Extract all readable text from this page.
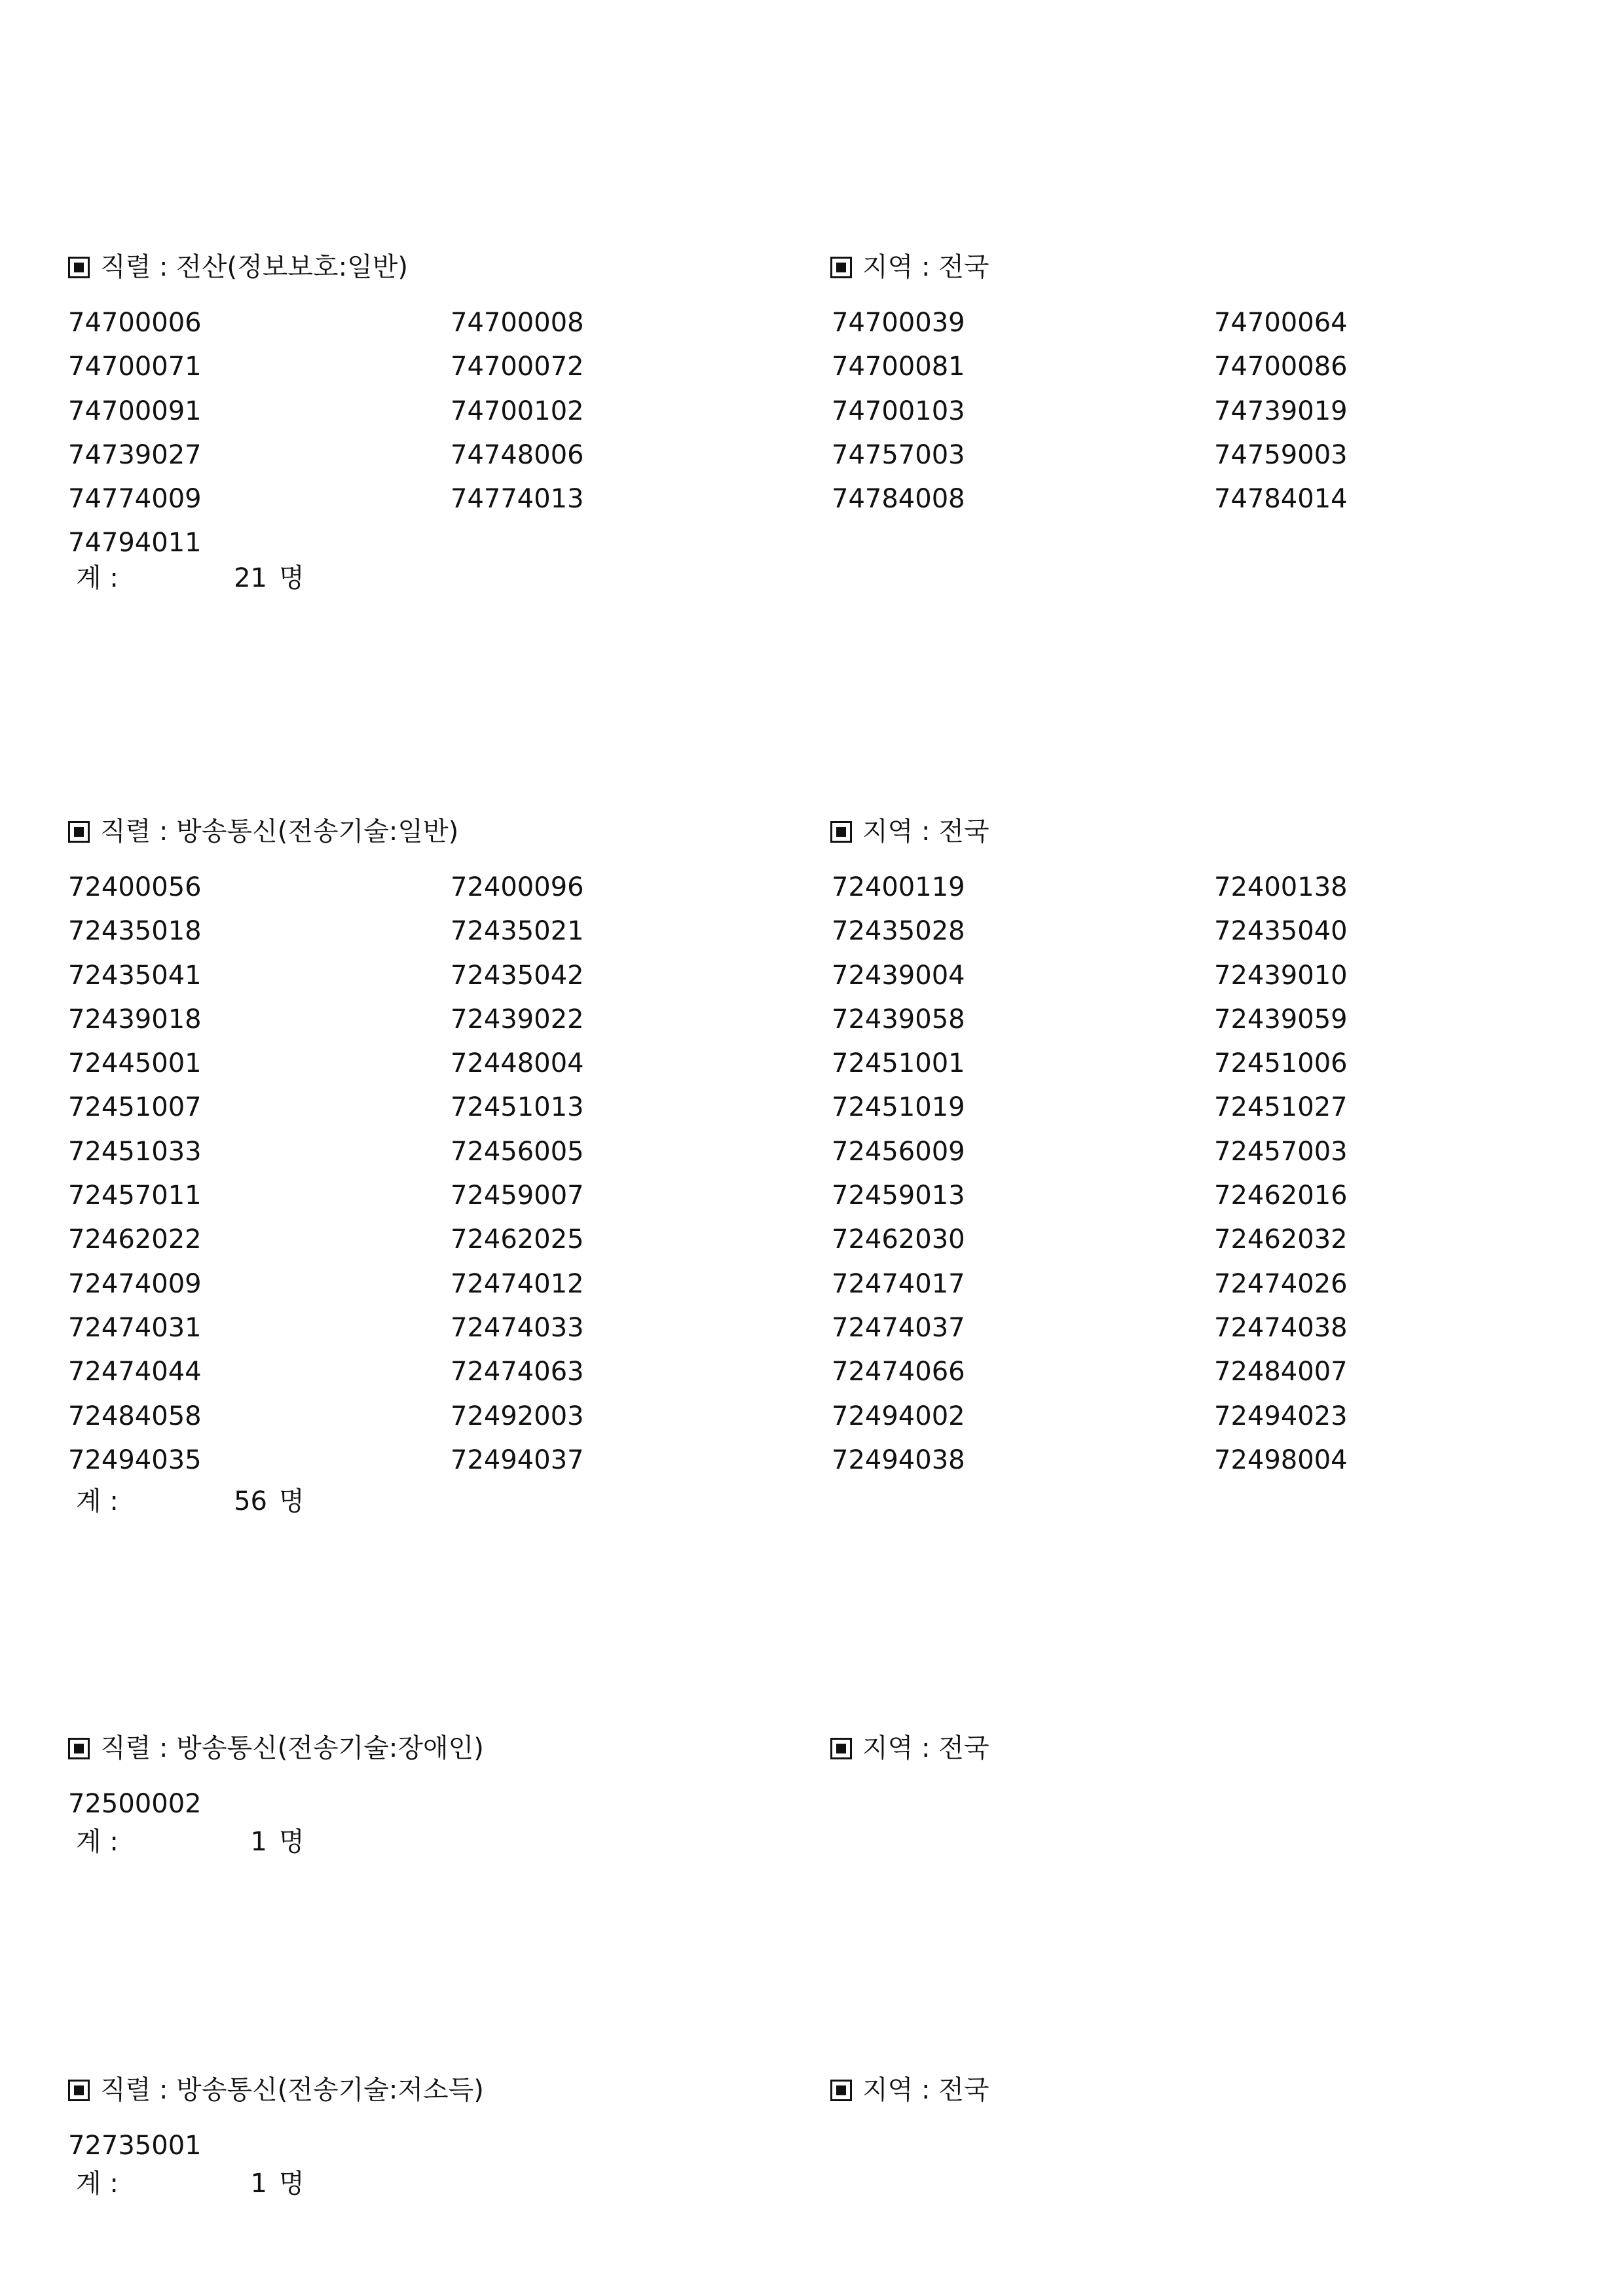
직렬 : 전산(정보보호:일반)	지역 : 전국
74700006	74700008	74700039	74700064
74700071	74700072	74700081	74700086
74700091	74700102	74700103	74739019
74739027	74748006	74757003	74759003
74774009	74774013	74784008	74784014
74794011
계 :	21 명
직렬 : 방송통신(전송기술:일반)	지역 : 전국
72400056	72400096	72400119	72400138
72435018	72435021	72435028	72435040
72435041	72435042	72439004	72439010
72439018	72439022	72439058	72439059
72445001	72448004	72451001	72451006
72451007	72451013	72451019	72451027
72451033	72456005	72456009	72457003
72457011	72459007	72459013	72462016
72462022	72462025	72462030	72462032
72474009	72474012	72474017	72474026
72474031	72474033	72474037	72474038
72474044	72474063	72474066	72484007
72484058	72492003	72494002	72494023
72494035	72494037	72494038	72498004
계 :	56 명
직렬 : 방송통신(전송기술:장애인)	지역 : 전국
72500002
계 :	1 명
직렬 : 방송통신(전송기술:저소득)	지역 : 전국
72735001
계 :	1 명
